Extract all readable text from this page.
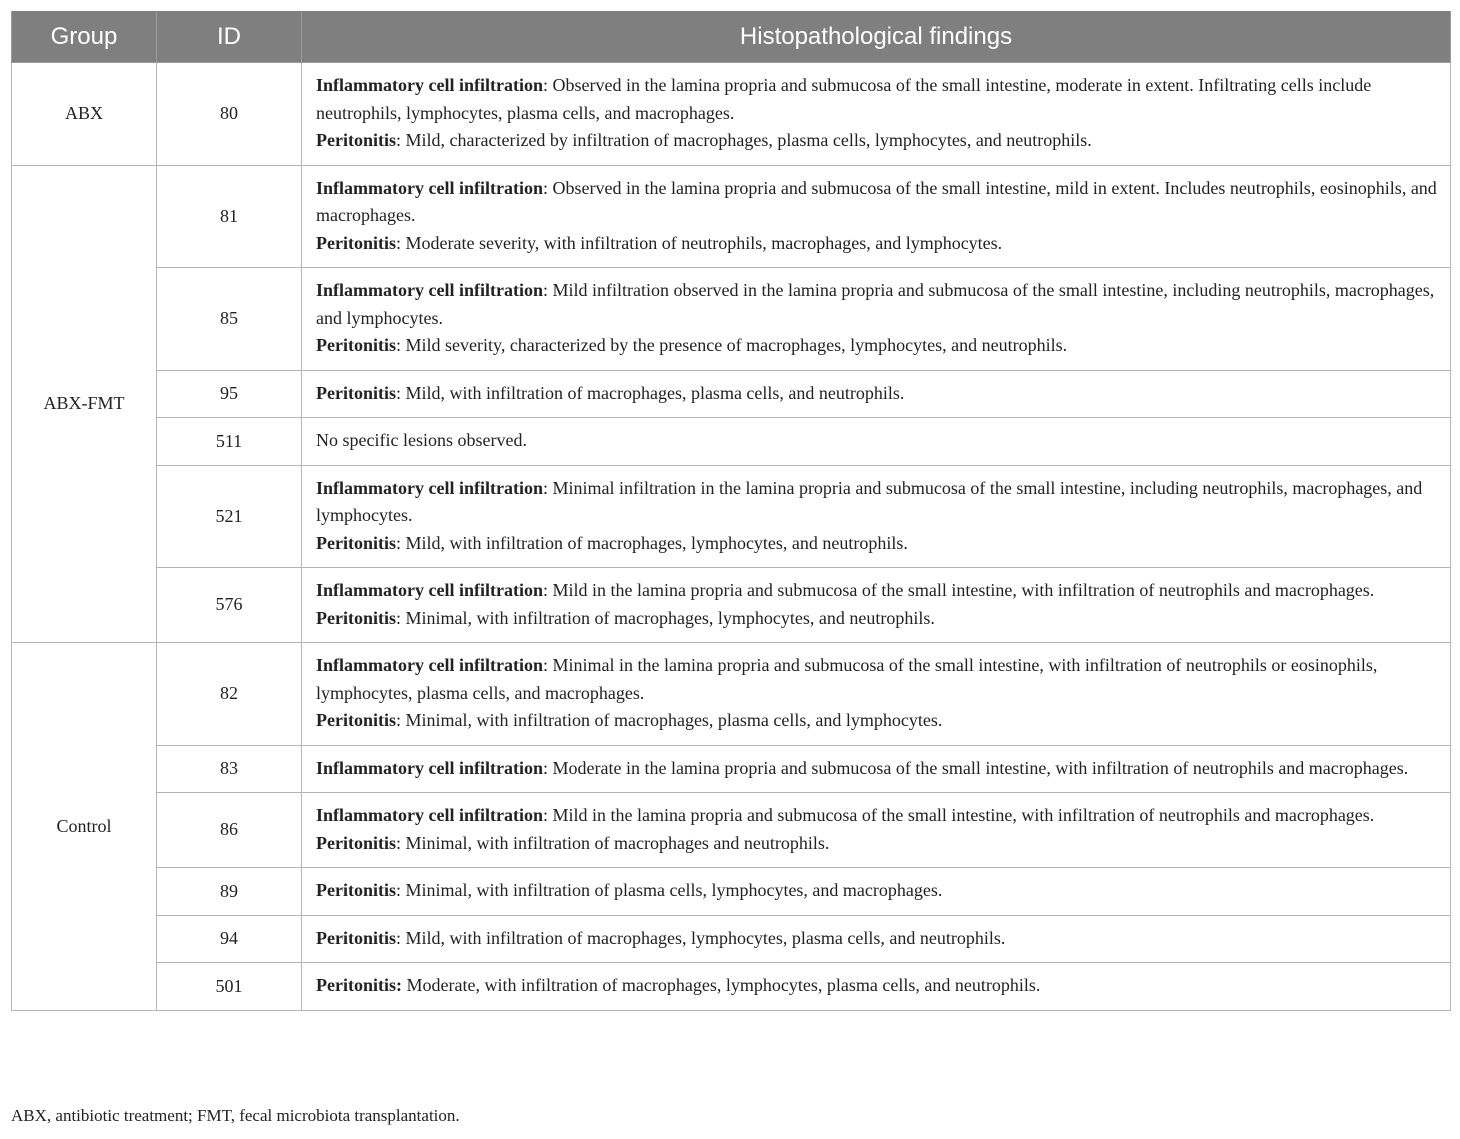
Group	ID	Histopathological findings
ABX	80	Inflammatory cell infiltration: Observed in the lamina propria and submucosa of the small intestine, moderate in extent. Infiltrating cells include neutrophils, lymphocytes, plasma cells, and macrophages.
Peritonitis: Mild, characterized by infiltration of macrophages, plasma cells, lymphocytes, and neutrophils.

ABX-FMT	81	Inflammatory cell infiltration: Observed in the lamina propria and submucosa of the small intestine, mild in extent. Includes neutrophils, eosinophils, and macrophages.
Peritonitis: Moderate severity, with infiltration of neutrophils, macrophages, and lymphocytes.

	85	Inflammatory cell infiltration: Mild infiltration observed in the lamina propria and submucosa of the small intestine, including neutrophils, macrophages, and lymphocytes.
Peritonitis: Mild severity, characterized by the presence of macrophages, lymphocytes, and neutrophils.

	95	Peritonitis: Mild, with infiltration of macrophages, plasma cells, and neutrophils.

	511	No specific lesions observed.

	521	Inflammatory cell infiltration: Minimal infiltration in the lamina propria and submucosa of the small intestine, including neutrophils, macrophages, and lymphocytes.
Peritonitis: Mild, with infiltration of macrophages, lymphocytes, and neutrophils.

	576	Inflammatory cell infiltration: Mild in the lamina propria and submucosa of the small intestine, with infiltration of neutrophils and macrophages.
Peritonitis: Minimal, with infiltration of macrophages, lymphocytes, and neutrophils.

Control	82	Inflammatory cell infiltration: Minimal in the lamina propria and submucosa of the small intestine, with infiltration of neutrophils or eosinophils, lymphocytes, plasma cells, and macrophages.
Peritonitis: Minimal, with infiltration of macrophages, plasma cells, and lymphocytes.

	83	Inflammatory cell infiltration: Moderate in the lamina propria and submucosa of the small intestine, with infiltration of neutrophils and macrophages.

	86	Inflammatory cell infiltration: Mild in the lamina propria and submucosa of the small intestine, with infiltration of neutrophils and macrophages.
Peritonitis: Minimal, with infiltration of macrophages and neutrophils.

	89	Peritonitis: Minimal, with infiltration of plasma cells, lymphocytes, and macrophages.

	94	Peritonitis: Mild, with infiltration of macrophages, lymphocytes, plasma cells, and neutrophils.

	501	Peritonitis: Moderate, with infiltration of macrophages, lymphocytes, plasma cells, and neutrophils.
ABX, antibiotic treatment; FMT, fecal microbiota transplantation.
